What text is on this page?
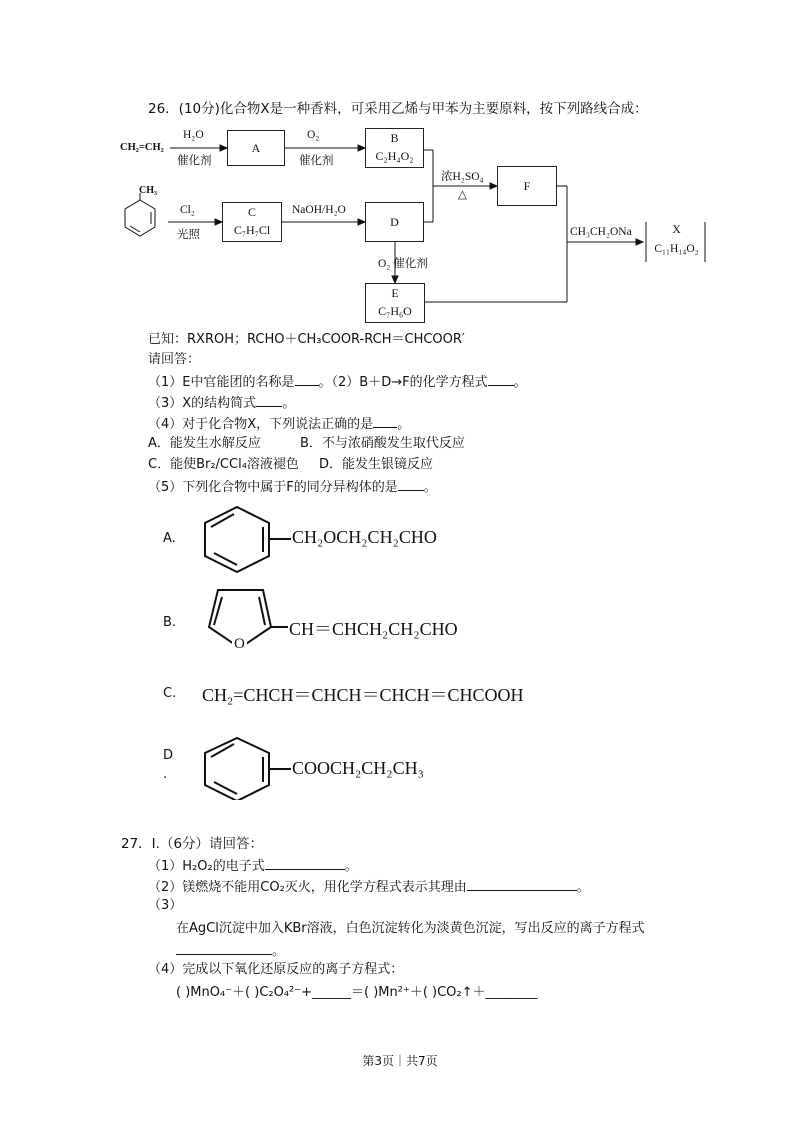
26．(10分)化合物X是一种香料，可采用乙烯与甲苯为主要原料，按下列路线合成：
CH₂=CH₂
H₂O
催化剂
A
O₂
催化剂
B
C₂H₄O₂
CH₃
Cl₂
光照
C
C₇H₇Cl
NaOH/H₂O
D
浓H₂SO₄
△
F
O₂ 催化剂
E
C₇H₆O
CH₃CH₂ONa	X
C₁₁H₁₄O₂
已知：RXROH；RCHO＋CH₃COOR-RCH＝CHCOOR′
请回答：
（1）E中官能团的名称是 。（2）B＋D→F的化学方程式 。
（3）X的结构简式 。
（4）对于化合物X，下列说法正确的是 。
A．能发生水解反应	B．不与浓硝酸发生取代反应
C．能使Br₂/CCl₄溶液褪色 D．能发生银镜反应
（5）下列化合物中属于F的同分异构体的是 。
A.	CH₂OCH₂CH₂CHO
B.
O
CH＝CHCH₂CH₂CHO
C. CH₂=CHCH＝CHCH＝CHCH＝CHCOOH
D
.	COOCH₂CH₂CH₃
27．I.（6分）请回答：
（1）H₂O₂的电子式	。
（2）镁燃烧不能用CO₂灭火，用化学方程式表示其理由	。
（3）
在AgCl沉淀中加入KBr溶液，白色沉淀转化为淡黄色沉淀，写出反应的离子方程式
。
（4）完成以下氧化还原反应的离子方程式：
( )MnO₄⁻＋( )C₂O₄²⁻+______＝( )Mn²⁺＋( )CO₂↑＋________
第3页｜共7页
